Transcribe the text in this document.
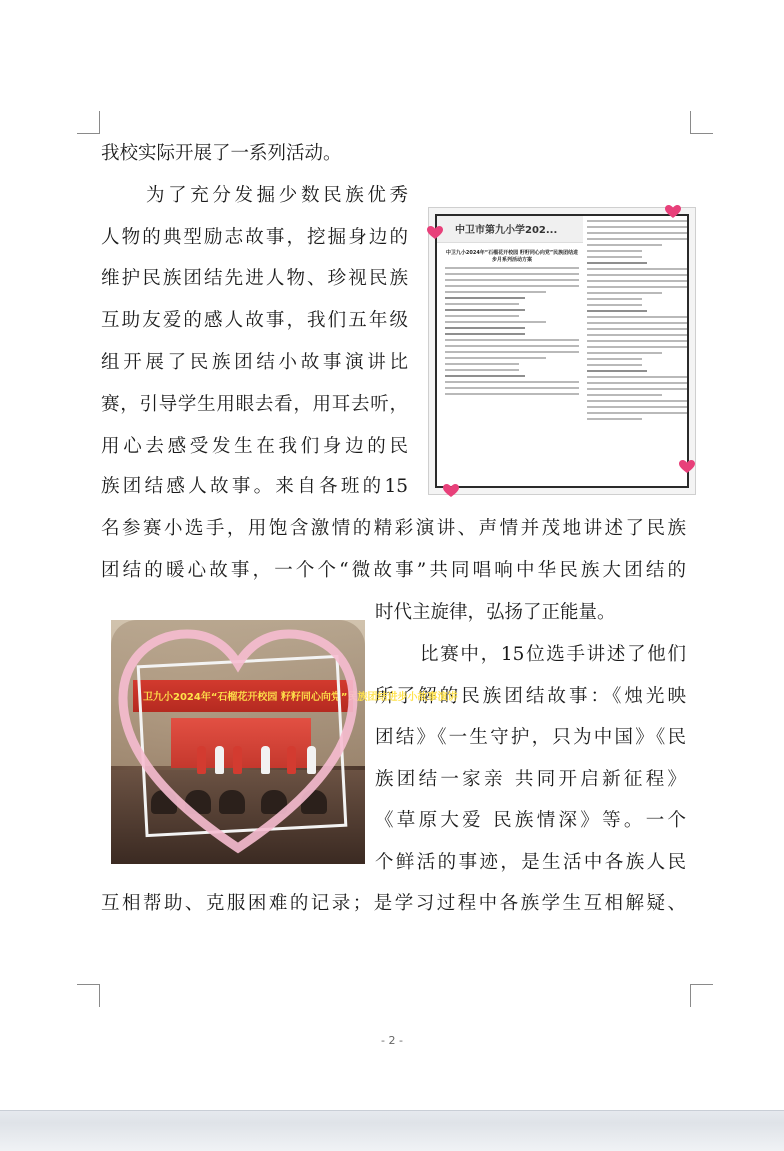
我校实际开展了一系列活动。
为了充分发掘少数民族优秀
人物的典型励志故事，挖掘身边的
维护民族团结先进人物、珍视民族
互助友爱的感人故事，我们五年级
组开展了民族团结小故事演讲比
赛，引导学生用眼去看，用耳去听，
用心去感受发生在我们身边的民
族团结感人故事。来自各班的15
名参赛小选手，用饱含激情的精彩演讲、声情并茂地讲述了民族
团结的暖心故事，一个个“微故事”共同唱响中华民族大团结的
时代主旋律，弘扬了正能量。
比赛中，15位选手讲述了他们
所了解的民族团结故事：《烛光映
团结》《一生守护，只为中国》《民
族团结一家亲 共同开启新征程》
《草原大爱 民族情深》等。一个
个鲜活的事迹，是生活中各族人民
互相帮助、克服困难的记录；是学习过程中各族学生互相解疑、
中卫市第九小学202...
中卫九小2024年“石榴花开校园 籽籽同心向党”民族团结进步月系列活动方案
卫九小2024年“石榴花开校园 籽籽同心向党”民族团结进步小故事演讲
- 2 -
